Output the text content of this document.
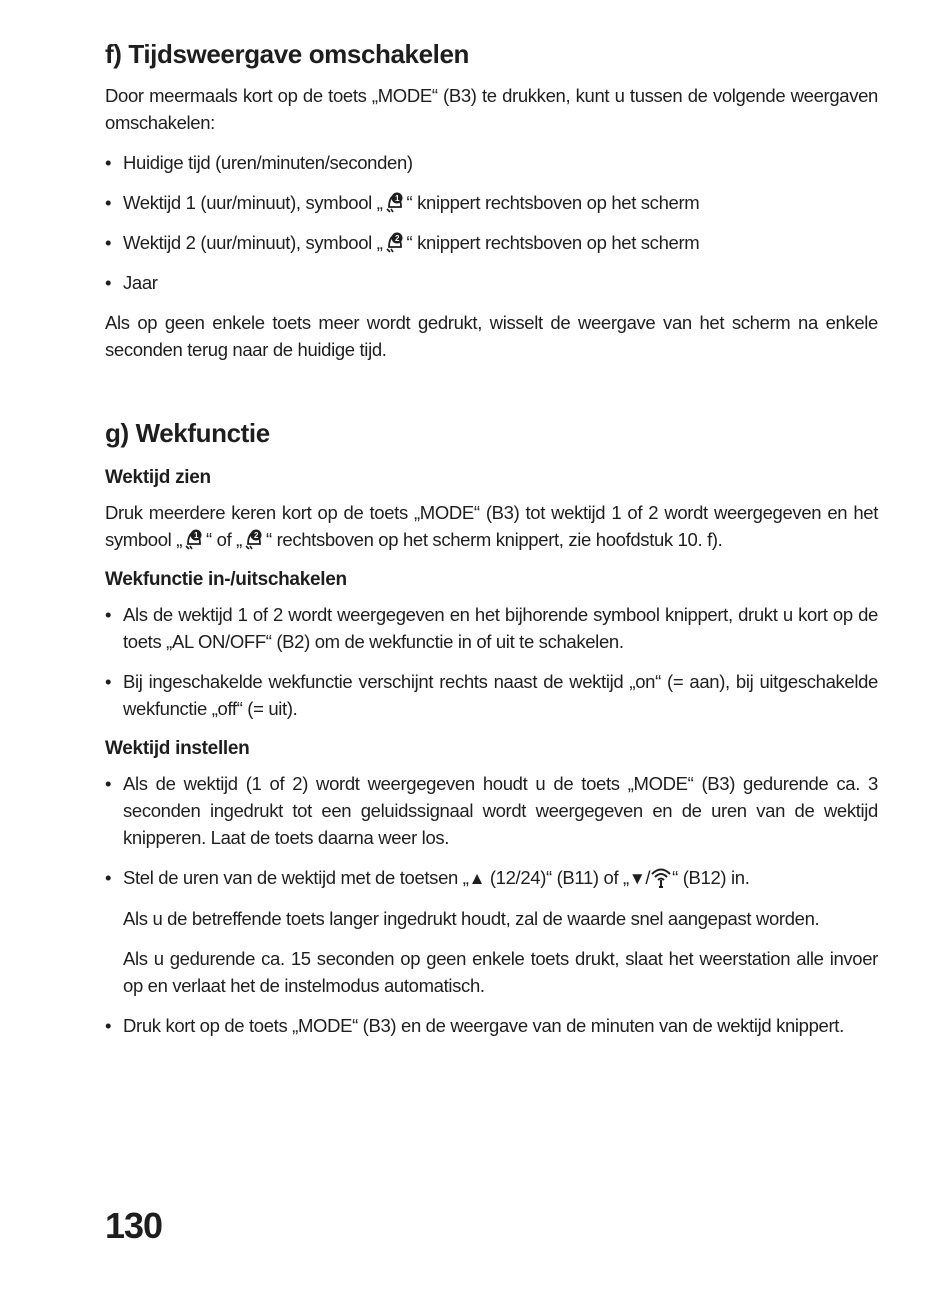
f) Tijdsweergave omschakelen

Door meermaals kort op de toets „MODE“ (B3) te drukken, kunt u tussen de volgende weergaven omschakelen:

• Huidige tijd (uren/minuten/seconden)
• Wektijd 1 (uur/minuut), symbool „ 1 “ knippert rechtsboven op het scherm
• Wektijd 2 (uur/minuut), symbool „ 2 “ knippert rechtsboven op het scherm
• Jaar

Als op geen enkele toets meer wordt gedrukt, wisselt de weergave van het scherm na enkele seconden terug naar de huidige tijd.

g) Wekfunctie
Wektijd zien

Druk meerdere keren kort op de toets „MODE“ (B3) tot wektijd 1 of 2 wordt weergegeven en het symbool „ 1 “ of „ 2 “ rechtsboven op het scherm knippert, zie hoofdstuk 10. f).

Wekfunctie in-/uitschakelen
• Als de wektijd 1 of 2 wordt weergegeven en het bijhorende symbool knippert, drukt u kort op de toets „AL ON/OFF“ (B2) om de wekfunctie in of uit te schakelen.
• Bij ingeschakelde wekfunctie verschijnt rechts naast de wektijd „on“ (= aan), bij uitgeschakelde wekfunctie „off“ (= uit).
Wektijd instellen
• Als de wektijd (1 of 2) wordt weergegeven houdt u de toets „MODE“ (B3) gedurende ca. 3 seconden ingedrukt tot een geluidssignaal wordt weergegeven en de uren van de wektijd knipperen. Laat de toets daarna weer los.
• Stel de uren van de wektijd met de toetsen „▲ (12/24)“ (B11) of „▼/ “ (B12) in.

Als u de betreffende toets langer ingedrukt houdt, zal de waarde snel aangepast worden.

Als u gedurende ca. 15 seconden op geen enkele toets drukt, slaat het weerstation alle invoer op en verlaat het de instelmodus automatisch.

• Druk kort op de toets „MODE“ (B3) en de weergave van de minuten van de wektijd knippert.
130
